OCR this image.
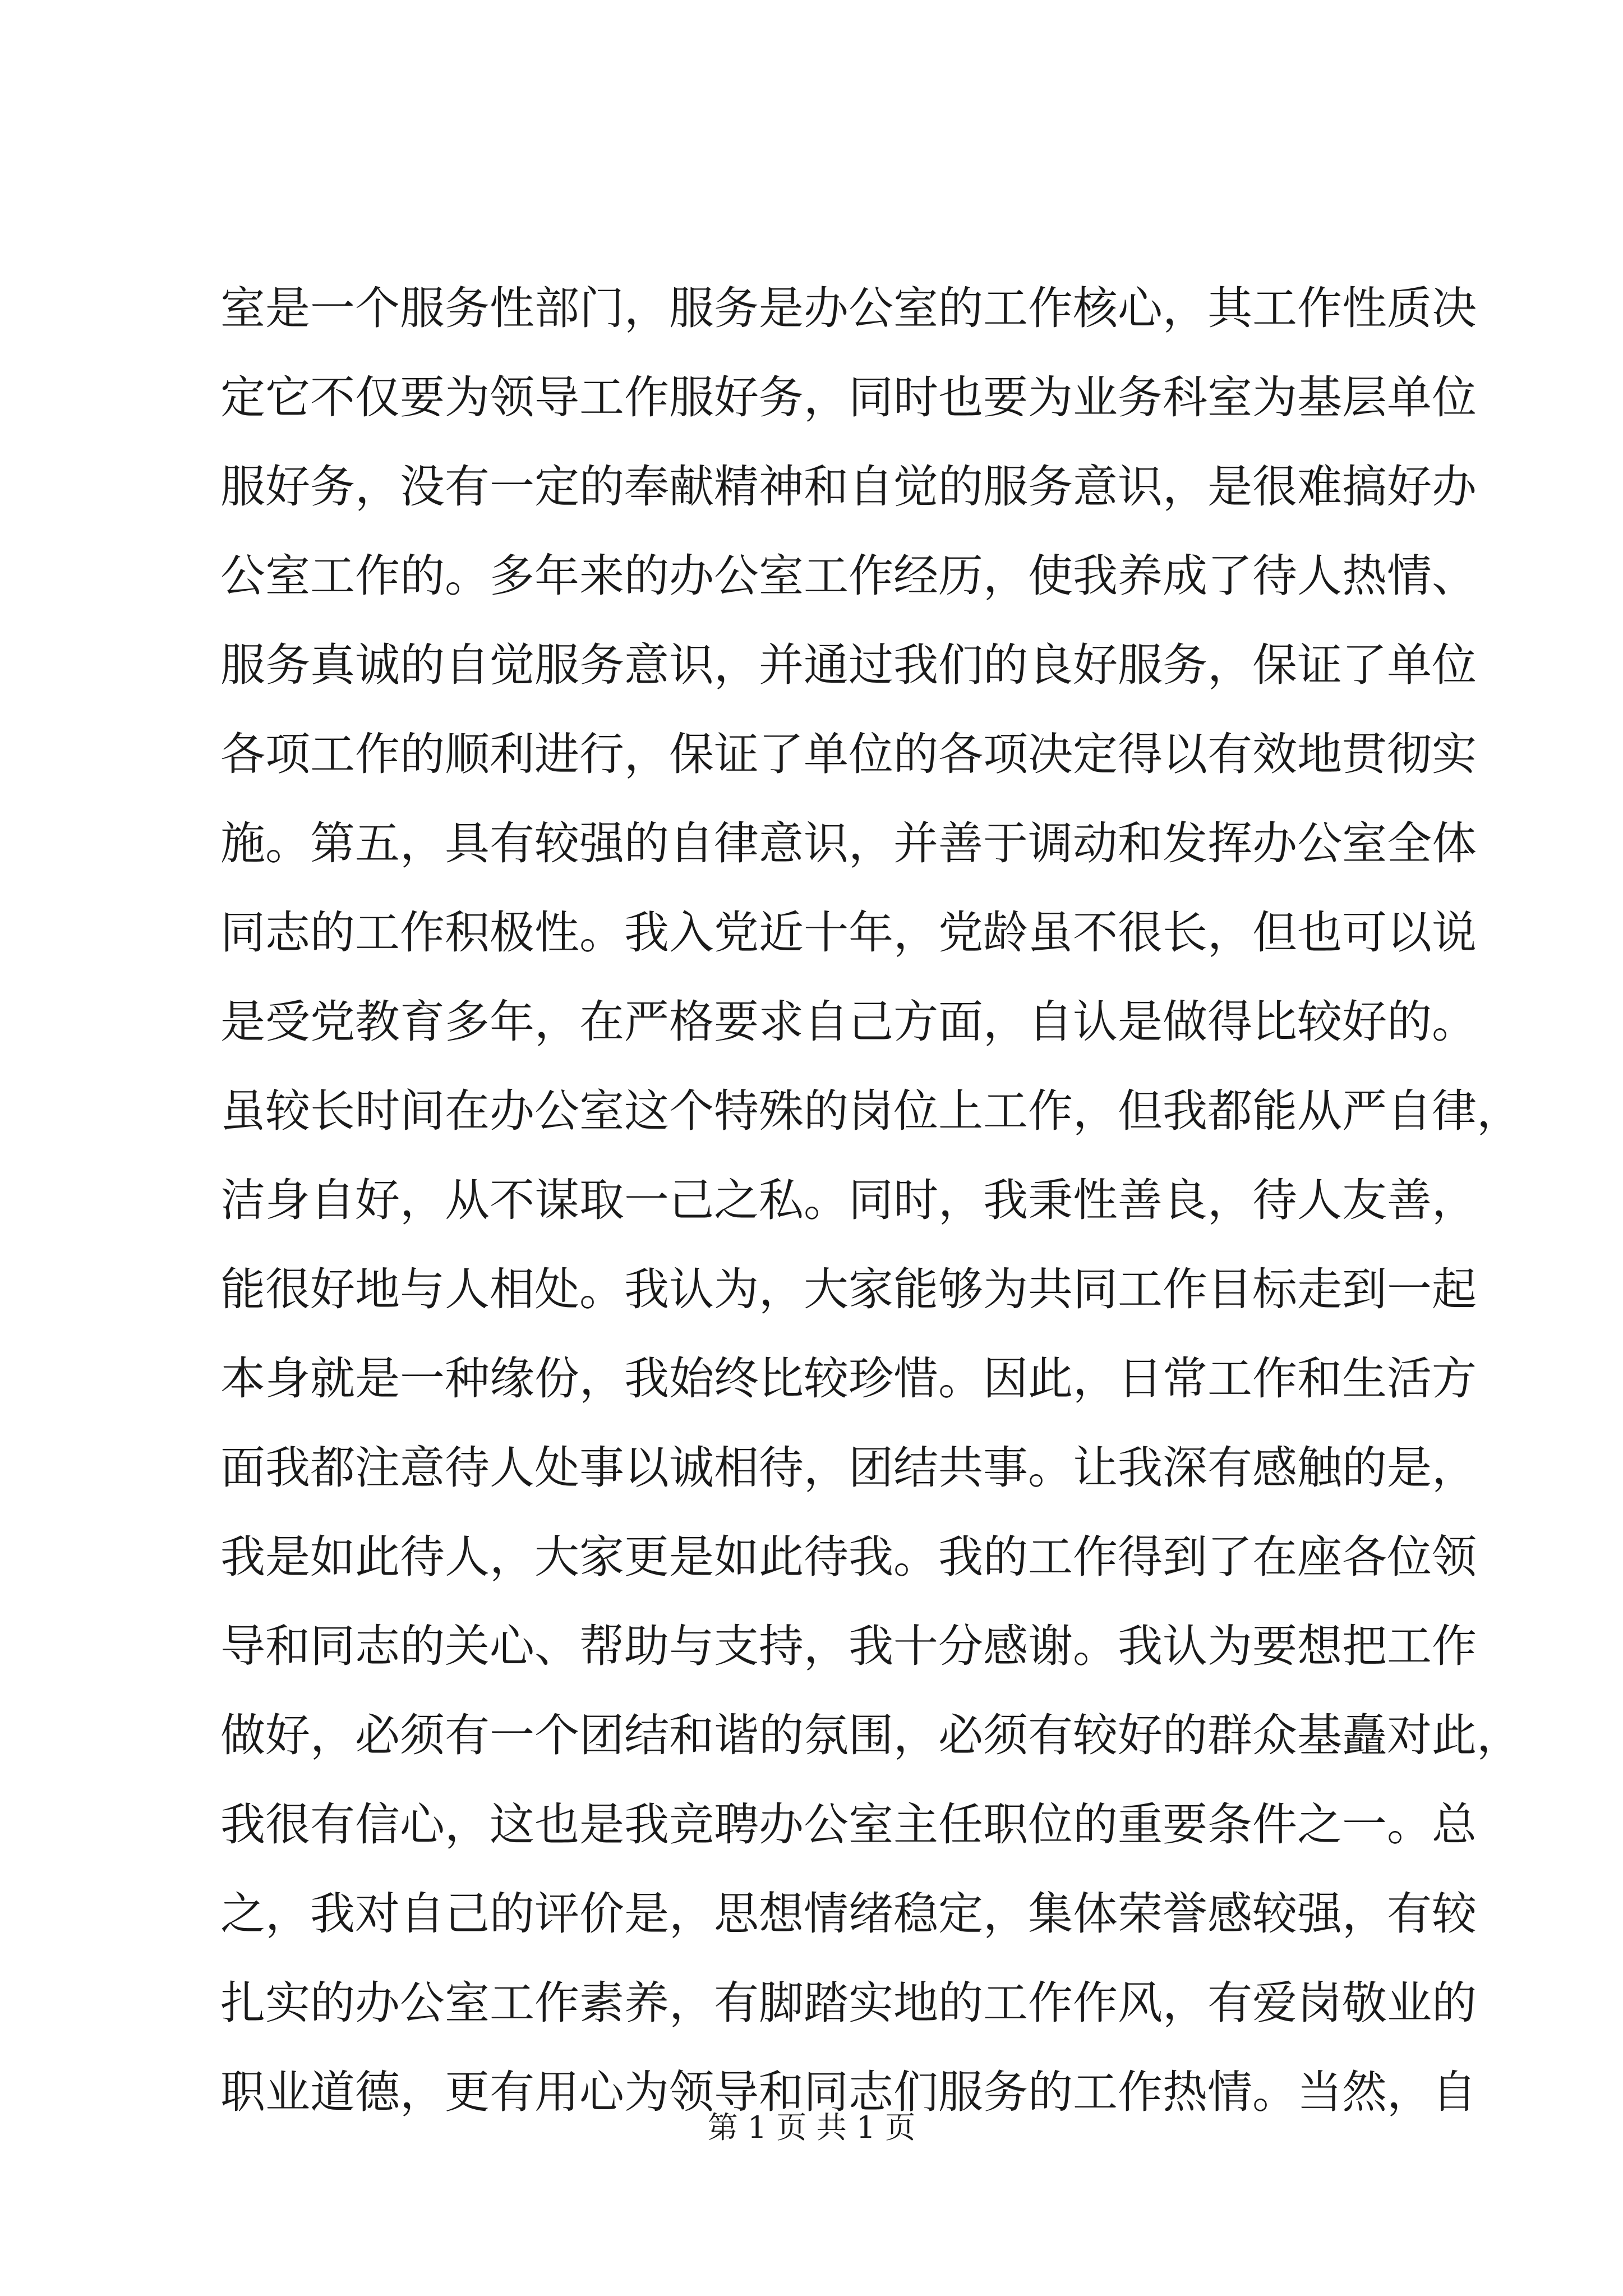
室是一个服务性部门，服务是办公室的工作核心，其工作性质决
定它不仅要为领导工作服好务，同时也要为业务科室为基层单位
服好务，没有一定的奉献精神和自觉的服务意识，是很难搞好办
公室工作的。多年来的办公室工作经历，使我养成了待人热情、
服务真诚的自觉服务意识，并通过我们的良好服务，保证了单位
各项工作的顺利进行，保证了单位的各项决定得以有效地贯彻实
施。第五，具有较强的自律意识，并善于调动和发挥办公室全体
同志的工作积极性。我入党近十年，党龄虽不很长，但也可以说
是受党教育多年，在严格要求自己方面，自认是做得比较好的。
虽较长时间在办公室这个特殊的岗位上工作，但我都能从严自律，
洁身自好，从不谋取一己之私。同时，我秉性善良，待人友善，
能很好地与人相处。我认为，大家能够为共同工作目标走到一起
本身就是一种缘份，我始终比较珍惜。因此，日常工作和生活方
面我都注意待人处事以诚相待，团结共事。让我深有感触的是，
我是如此待人，大家更是如此待我。我的工作得到了在座各位领
导和同志的关心、帮助与支持，我十分感谢。我认为要想把工作
做好，必须有一个团结和谐的氛围，必须有较好的群众基矗对此，
我很有信心，这也是我竞聘办公室主任职位的重要条件之一。总
之，我对自己的评价是，思想情绪稳定，集体荣誉感较强，有较
扎实的办公室工作素养，有脚踏实地的工作作风，有爱岗敬业的
职业道德，更有用心为领导和同志们服务的工作热情。当然，自
第 1 页 共 1 页
